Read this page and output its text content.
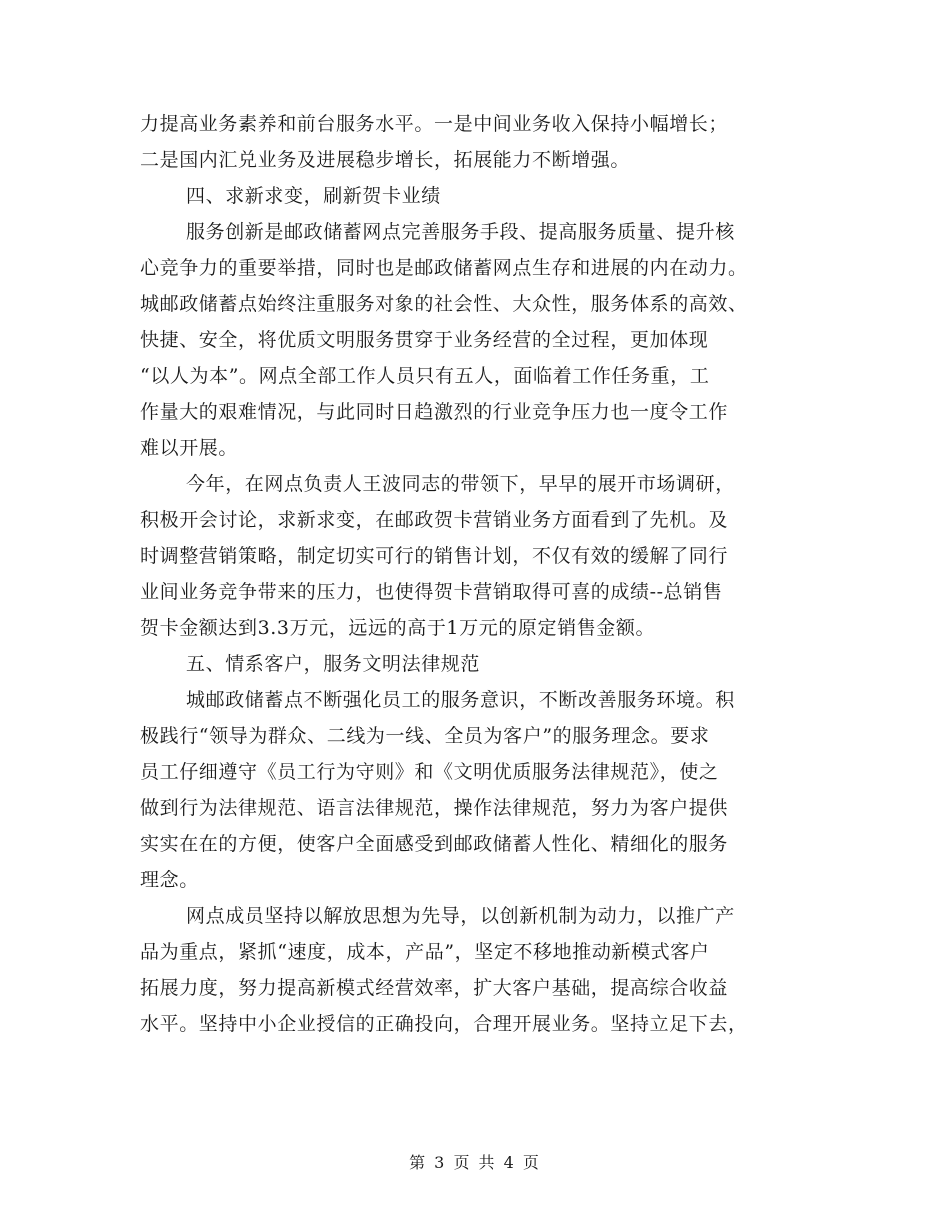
力提高业务素养和前台服务水平。一是中间业务收入保持小幅增长；
二是国内汇兑业务及进展稳步增长，拓展能力不断增强。
四、求新求变，刷新贺卡业绩
服务创新是邮政储蓄网点完善服务手段、提高服务质量、提升核
心竞争力的重要举措，同时也是邮政储蓄网点生存和进展的内在动力。
城邮政储蓄点始终注重服务对象的社会性、大众性，服务体系的高效、
快捷、安全，将优质文明服务贯穿于业务经营的全过程，更加体现
“以人为本”。网点全部工作人员只有五人，面临着工作任务重，工
作量大的艰难情况，与此同时日趋激烈的行业竞争压力也一度令工作
难以开展。
今年，在网点负责人王波同志的带领下，早早的展开市场调研，
积极开会讨论，求新求变，在邮政贺卡营销业务方面看到了先机。及
时调整营销策略，制定切实可行的销售计划，不仅有效的缓解了同行
业间业务竞争带来的压力，也使得贺卡营销取得可喜的成绩--总销售
贺卡金额达到3.3万元，远远的高于1万元的原定销售金额。
五、情系客户，服务文明法律规范
城邮政储蓄点不断强化员工的服务意识，不断改善服务环境。积
极践行“领导为群众、二线为一线、全员为客户”的服务理念。要求
员工仔细遵守《员工行为守则》和《文明优质服务法律规范》，使之
做到行为法律规范、语言法律规范，操作法律规范，努力为客户提供
实实在在的方便，使客户全面感受到邮政储蓄人性化、精细化的服务
理念。
网点成员坚持以解放思想为先导，以创新机制为动力，以推广产
品为重点，紧抓“速度，成本，产品”，坚定不移地推动新模式客户
拓展力度，努力提高新模式经营效率，扩大客户基础，提高综合收益
水平。坚持中小企业授信的正确投向，合理开展业务。坚持立足下去，
第 3 页 共 4 页
